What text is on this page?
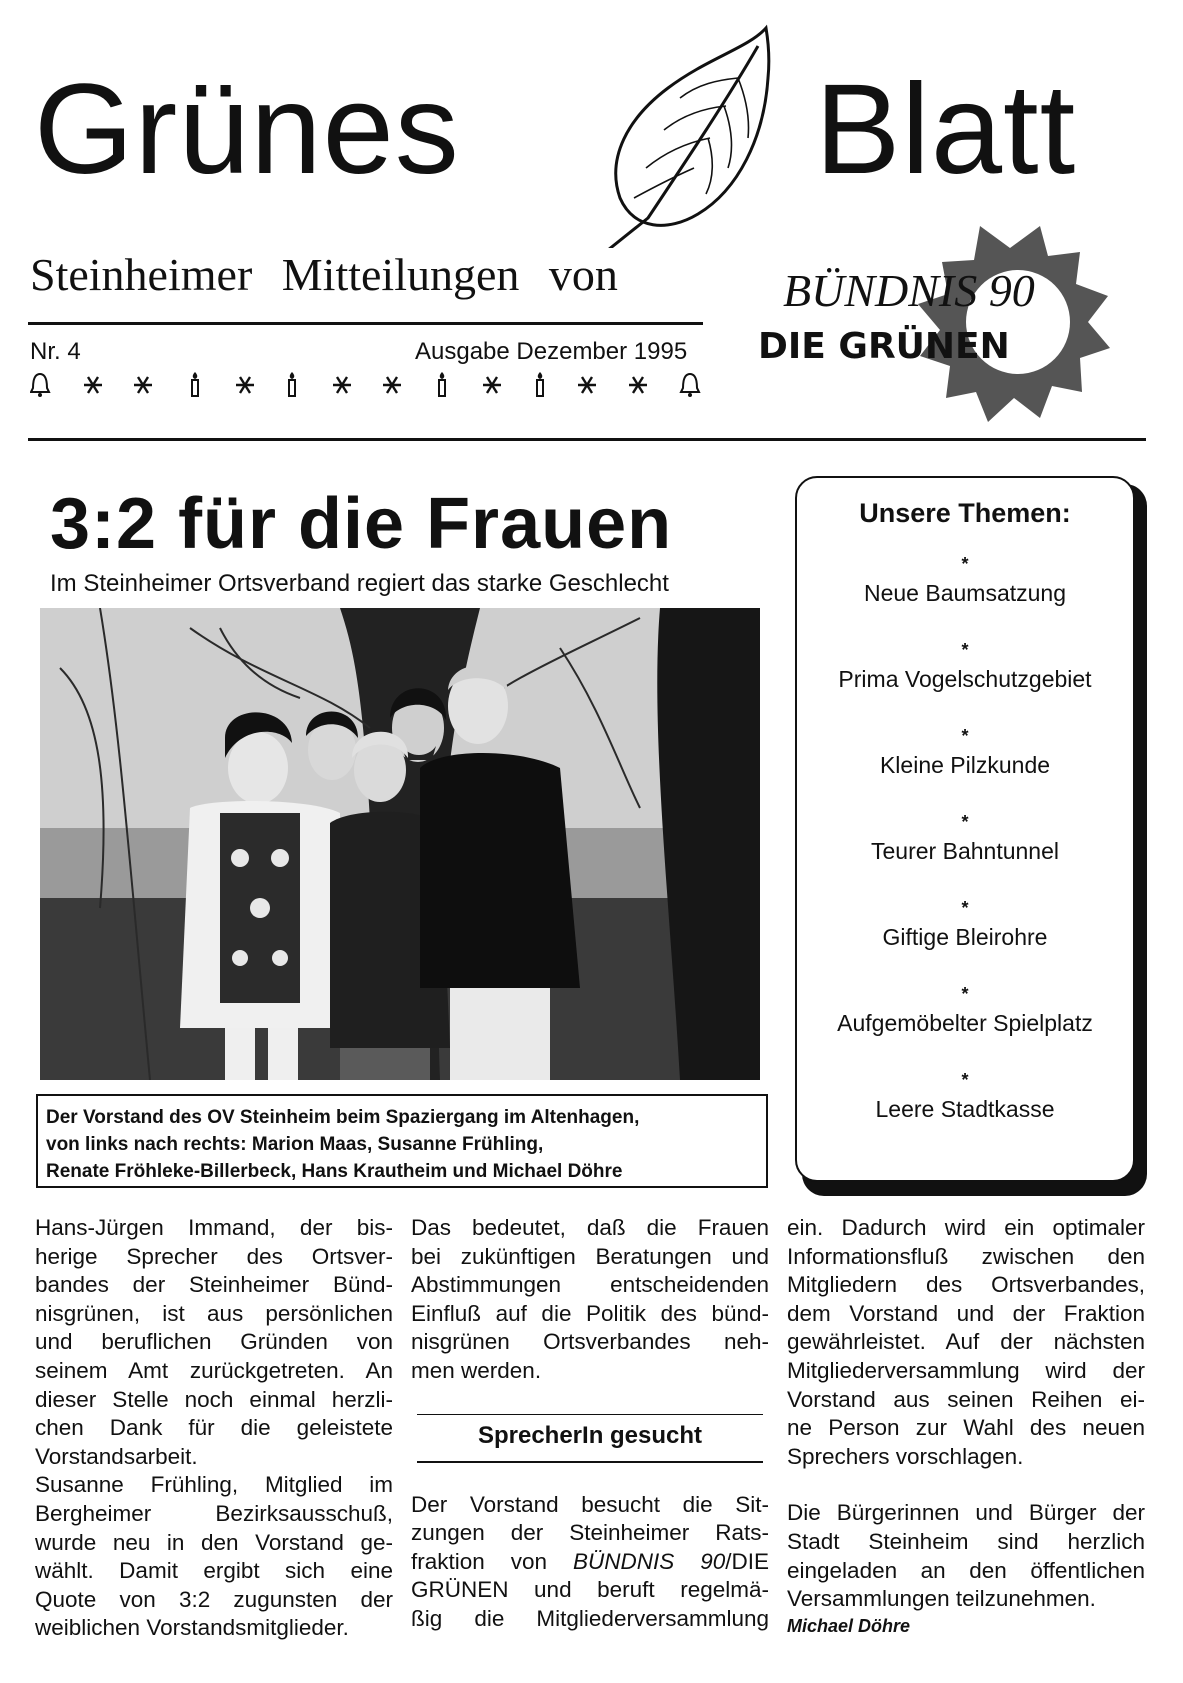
Grünes	Blatt
Steinheimer Mitteilungen von
Nr. 4	Ausgabe Dezember 1995
BÜNDNIS 90
DIE GRÜNEN
3:2 für die Frauen
Im Steinheimer Ortsverband regiert das starke Geschlecht
Der Vorstand des OV Steinheim beim Spaziergang im Altenhagen,
von links nach rechts: Marion Maas, Susanne Frühling,
Renate Fröhleke-Billerbeck, Hans Krautheim und Michael Döhre
Unsere Themen:
*
Neue Baumsatzung
*
Prima Vogelschutzgebiet
*
Kleine Pilzkunde
*
Teurer Bahntunnel
*
Giftige Bleirohre
*
Aufgemöbelter Spielplatz
*
Leere Stadtkasse

Hans-Jürgen Immand, der bis-

herige Sprecher des Ortsver-

bandes der Steinheimer Bünd-

nisgrünen, ist aus persönlichen

und beruflichen Gründen von

seinem Amt zurückgetreten. An

dieser Stelle noch einmal herzli-

chen Dank für die geleistete

Vorstandsarbeit.

Susanne Frühling, Mitglied im

Bergheimer Bezirksausschuß,

wurde neu in den Vorstand ge-

wählt. Damit ergibt sich eine

Quote von 3:2 zugunsten der

weiblichen Vorstandsmitglieder.

Das bedeutet, daß die Frauen

bei zukünftigen Beratungen und

Abstimmungen entscheidenden

Einfluß auf die Politik des bünd-

nisgrünen Ortsverbandes neh-

men werden.

SprecherIn gesucht

Der Vorstand besucht die Sit-

zungen der Steinheimer Rats-

fraktion von BÜNDNIS 90/DIE

GRÜNEN und beruft regelmä-

ßig die Mitgliederversammlung

ein. Dadurch wird ein optimaler

Informationsfluß zwischen den

Mitgliedern des Ortsverbandes,

dem Vorstand und der Fraktion

gewährleistet. Auf der nächsten

Mitgliederversammlung wird der

Vorstand aus seinen Reihen ei-

ne Person zur Wahl des neuen

Sprechers vorschlagen.

Die Bürgerinnen und Bürger der

Stadt Steinheim sind herzlich

eingeladen an den öffentlichen

Versammlungen teilzunehmen.

Michael Döhre
